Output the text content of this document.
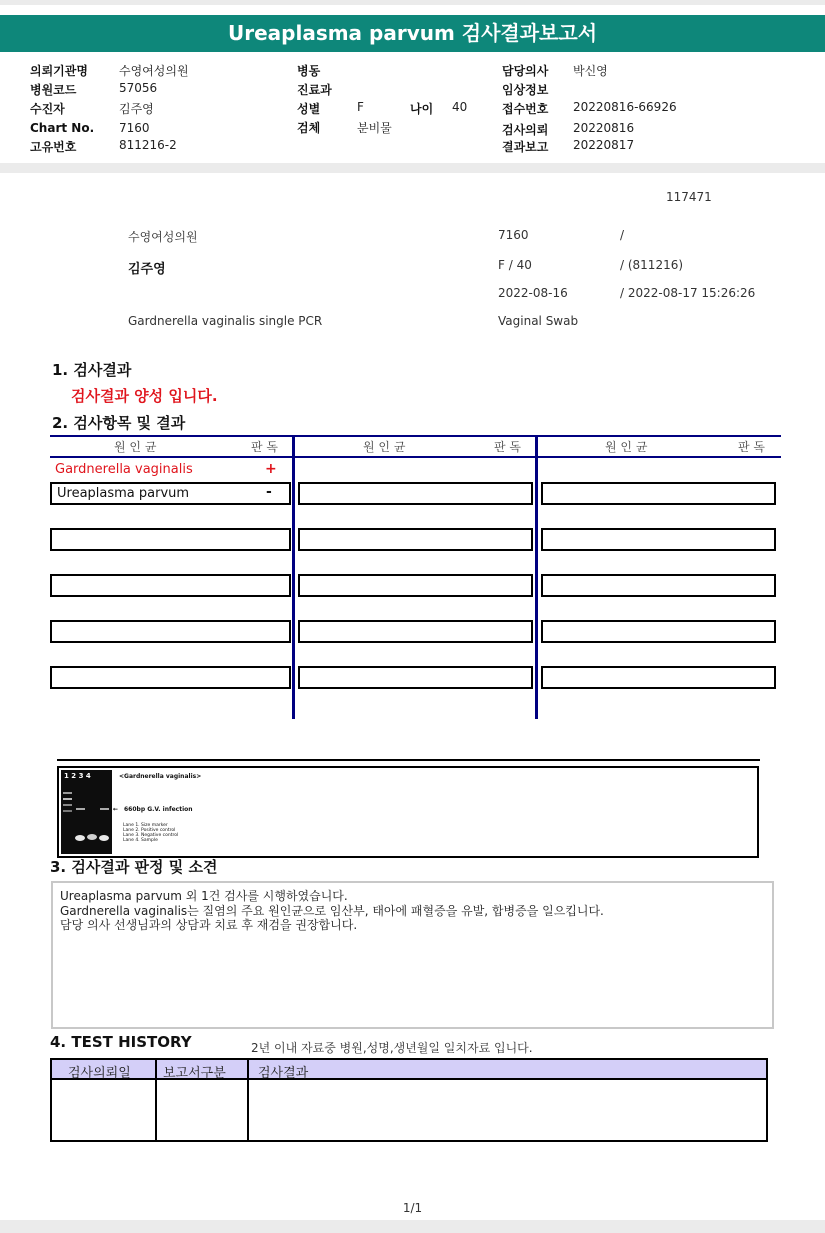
Ureaplasma parvum 검사결과보고서
의뢰기관명	수영여성의원
병원코드	57056
수진자	김주영
Chart No. 7160
고유번호	811216-2
병동
진료과
성별	F	나이 40
검체	분비물
담당의사 박신영
임상정보
접수번호 20220816-66926
검사의뢰 20220816
결과보고 20220817
117471
수영여성의원	7160	/
김주영	F / 40	/ (811216)
2022-08-16	/ 2022-08-17 15:26:26
Gardnerella vaginalis single PCR	Vaginal Swab
1. 검사결과
검사결과 양성 입니다.
2. 검사항목 및 결과
원 인 균	판 독	원 인 균	판 독	원 인 균	판 독
Gardnerella vaginalis	+
Ureaplasma parvum	-
1 2 3 4	<Gardnerella vaginalis>
← 660bp G.V. infection
Lane 1. Size marker
Lane 2. Positive control
Lane 3. Negative control
Lane 4. Sample
3. 검사결과 판정 및 소견
Ureaplasma parvum 외 1건 검사를 시행하였습니다.
Gardnerella vaginalis는 질염의 주요 원인균으로 임산부, 태아에 패혈증을 유발, 합병증을 일으킵니다.
담당 의사 선생님과의 상담과 치료 후 재검을 권장합니다.
4. TEST HISTORY	2년 이내 자료중 병원,성명,생년월일 일치자료 입니다.
검사의뢰일 보고서구분 검사결과
1/1
